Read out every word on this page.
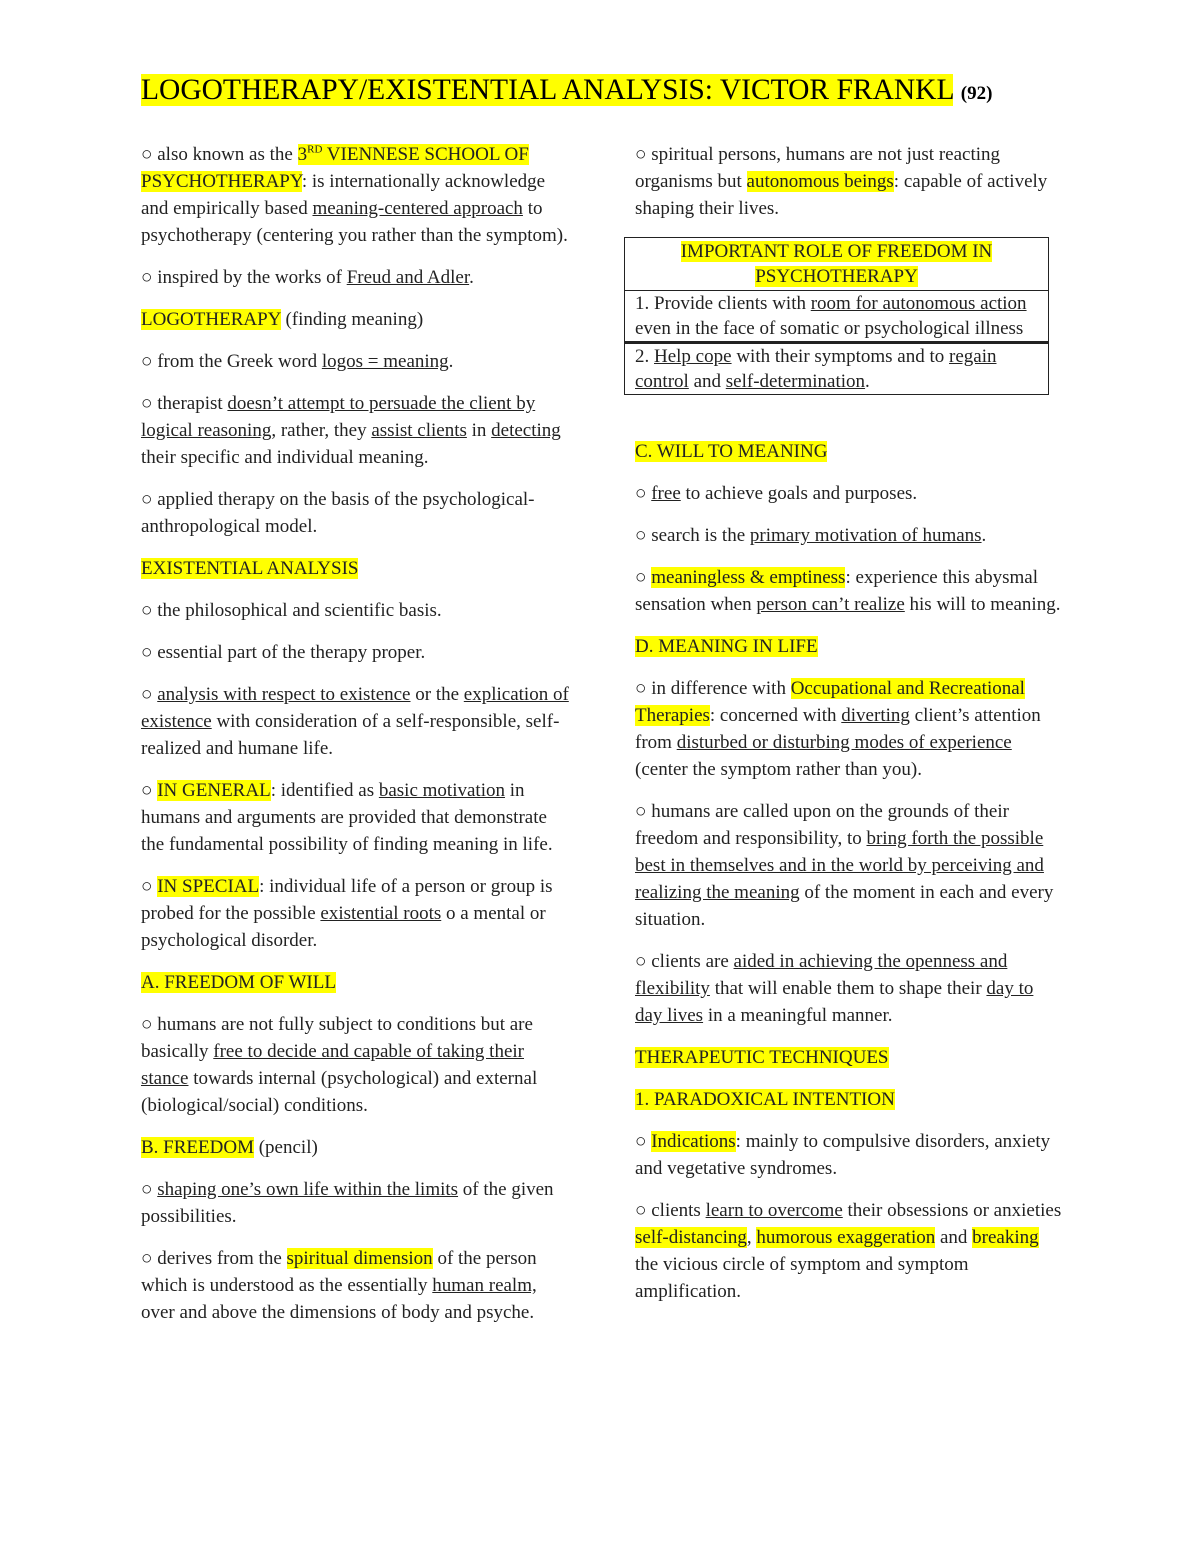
LOGOTHERAPY/EXISTENTIAL ANALYSIS: VICTOR FRANKL (92)

○ also known as the 3RD VIENNESE SCHOOL OF PSYCHOTHERAPY: is internationally acknowledge and empirically based meaning-centered approach to psychotherapy (centering you rather than the symptom).

○ inspired by the works of Freud and Adler.

LOGOTHERAPY (finding meaning)

○ from the Greek word logos = meaning.

○ therapist doesn’t attempt to persuade the client by logical reasoning, rather, they assist clients in detecting their specific and individual meaning.

○ applied therapy on the basis of the psychological-anthropological model.

EXISTENTIAL ANALYSIS

○ the philosophical and scientific basis.

○ essential part of the therapy proper.

○ analysis with respect to existence or the explication of existence with consideration of a self-responsible, self-realized and humane life.

○ IN GENERAL: identified as basic motivation in humans and arguments are provided that demonstrate the fundamental possibility of finding meaning in life.

○ IN SPECIAL: individual life of a person or group is probed for the possible existential roots o a mental or psychological disorder.

A. FREEDOM OF WILL

○ humans are not fully subject to conditions but are basically free to decide and capable of taking their stance towards internal (psychological) and external (biological/social) conditions.

B. FREEDOM (pencil)

○ shaping one’s own life within the limits of the given possibilities.

○ derives from the spiritual dimension of the person which is understood as the essentially human realm, over and above the dimensions of body and psyche.

○ spiritual persons, humans are not just reacting organisms but autonomous beings: capable of actively shaping their lives.

IMPORTANT ROLE OF FREEDOM IN PSYCHOTHERAPY
1. Provide clients with room for autonomous action even in the face of somatic or psychological illness
2. Help cope with their symptoms and to regain control and self-determination.

C. WILL TO MEANING

○ free to achieve goals and purposes.

○ search is the primary motivation of humans.

○ meaningless & emptiness: experience this abysmal sensation when person can’t realize his will to meaning.

D. MEANING IN LIFE

○ in difference with Occupational and Recreational Therapies: concerned with diverting client’s attention from disturbed or disturbing modes of experience (center the symptom rather than you).

○ humans are called upon on the grounds of their freedom and responsibility, to bring forth the possible best in themselves and in the world by perceiving and realizing the meaning of the moment in each and every situation.

○ clients are aided in achieving the openness and flexibility that will enable them to shape their day to day lives in a meaningful manner.

THERAPEUTIC TECHNIQUES

1. PARADOXICAL INTENTION

○ Indications: mainly to compulsive disorders, anxiety and vegetative syndromes.

○ clients learn to overcome their obsessions or anxieties self-distancing, humorous exaggeration and breaking the vicious circle of symptom and symptom amplification.
